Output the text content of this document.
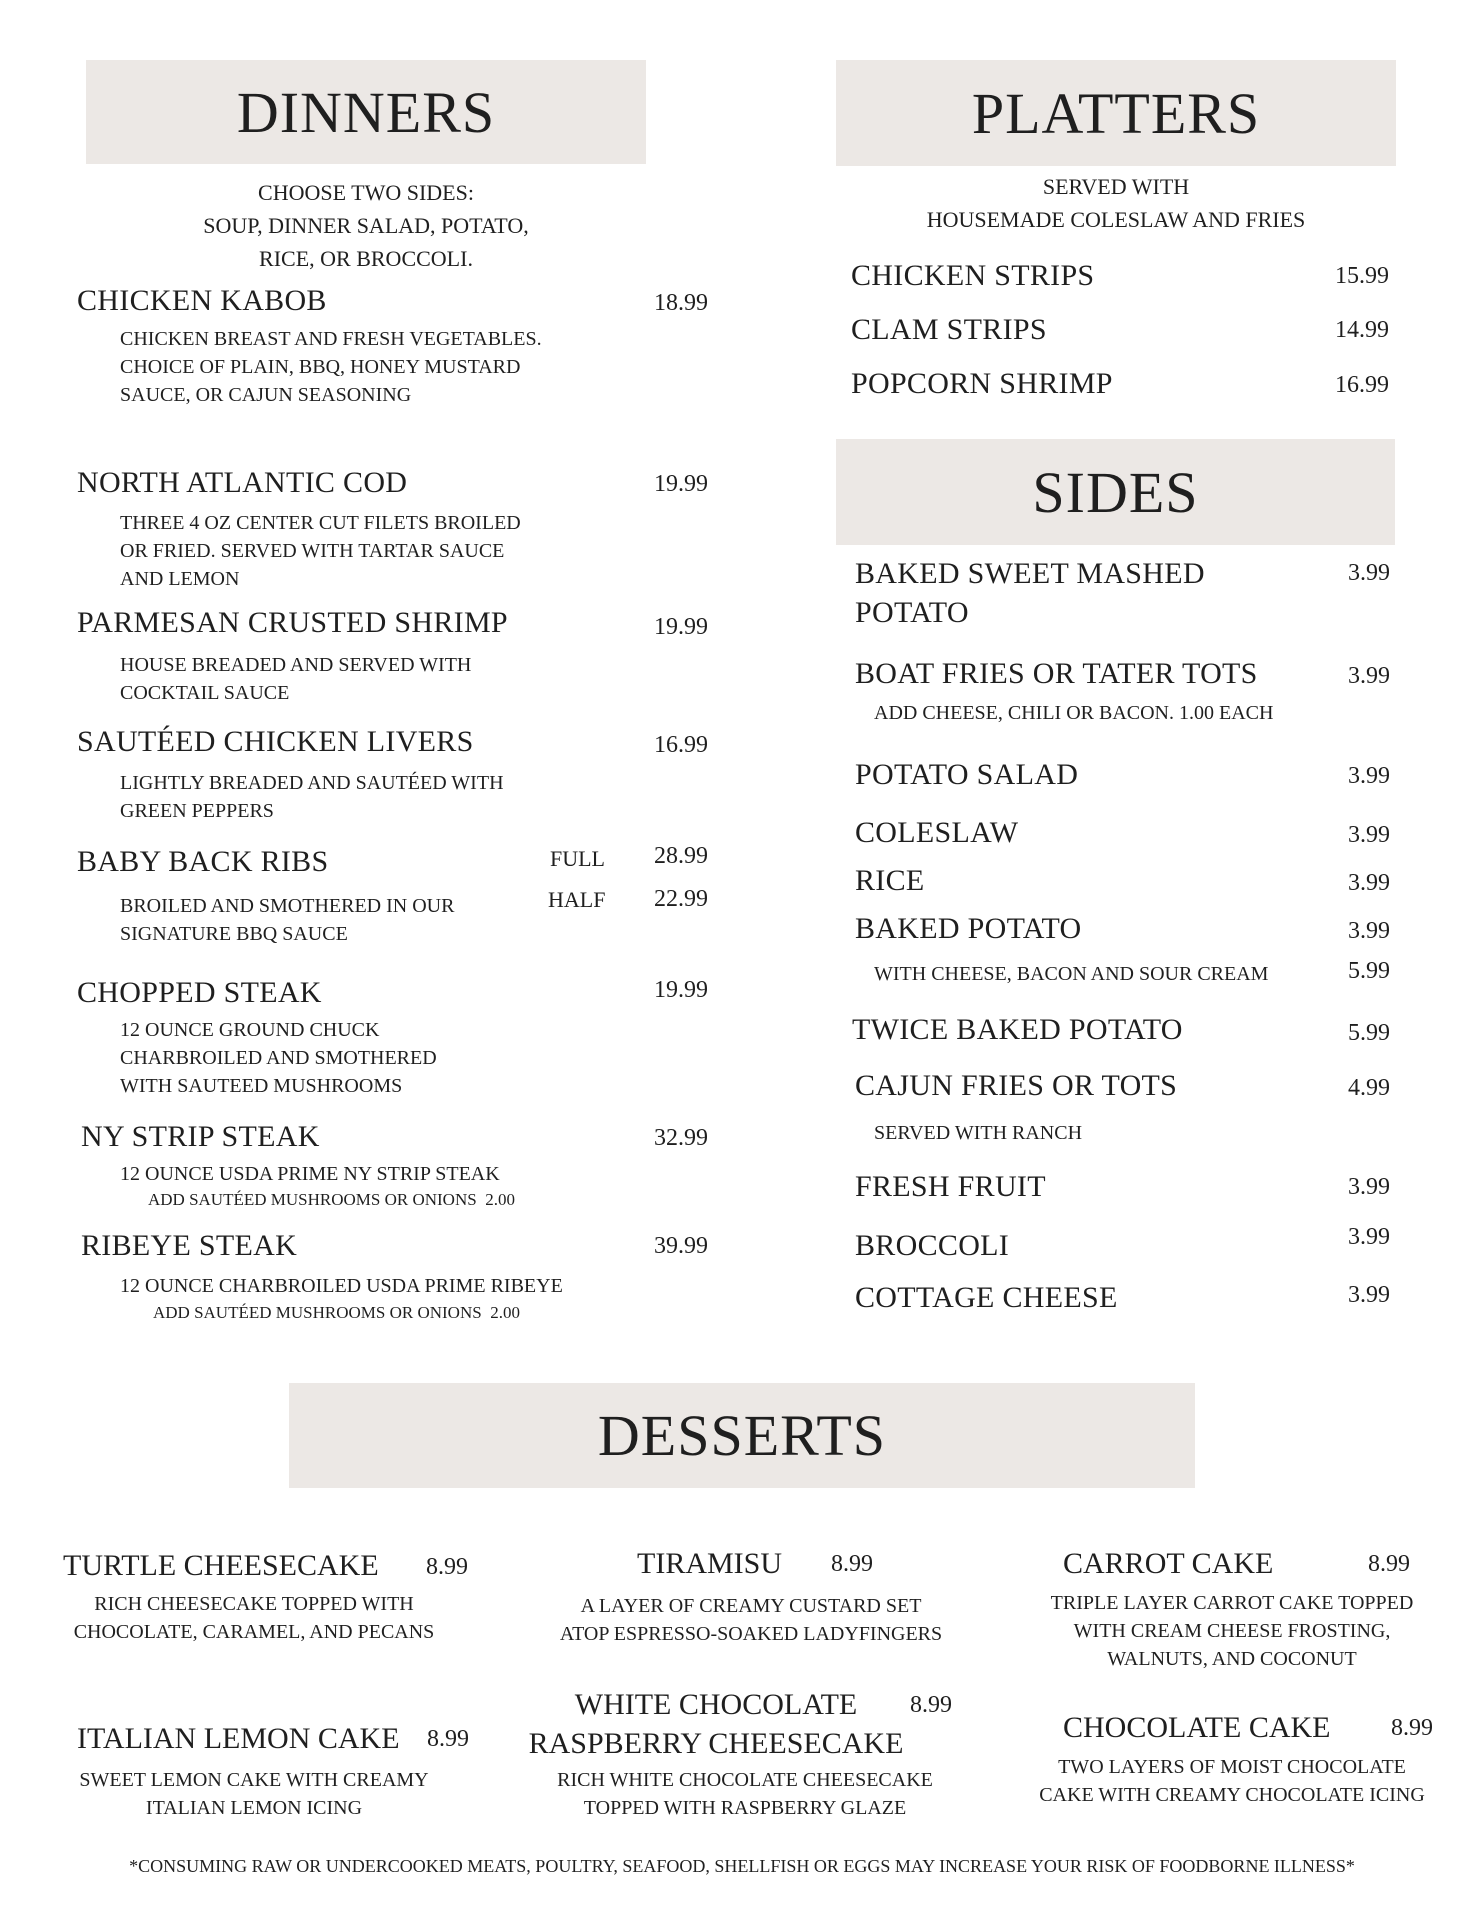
DINNERS
CHOOSE TWO SIDES:
SOUP, DINNER SALAD, POTATO,
RICE, OR BROCCOLI.
CHICKEN KABOB	18.99
CHICKEN BREAST AND FRESH VEGETABLES.
CHOICE OF PLAIN, BBQ, HONEY MUSTARD
SAUCE, OR CAJUN SEASONING
NORTH ATLANTIC COD	19.99
THREE 4 OZ CENTER CUT FILETS BROILED
OR FRIED. SERVED WITH TARTAR SAUCE
AND LEMON
PARMESAN CRUSTED SHRIMP	19.99
HOUSE BREADED AND SERVED WITH
COCKTAIL SAUCE
SAUTÉED CHICKEN LIVERS	16.99
LIGHTLY BREADED AND SAUTÉED WITH
GREEN PEPPERS
BABY BACK RIBS	FULL 28.99
HALF 22.99
BROILED AND SMOTHERED IN OUR
SIGNATURE BBQ SAUCE
CHOPPED STEAK	19.99
12 OUNCE GROUND CHUCK
CHARBROILED AND SMOTHERED
WITH SAUTEED MUSHROOMS
NY STRIP STEAK	32.99
12 OUNCE USDA PRIME NY STRIP STEAK
ADD SAUTÉED MUSHROOMS OR ONIONS  2.00
RIBEYE STEAK	39.99
12 OUNCE CHARBROILED USDA PRIME RIBEYE
ADD SAUTÉED MUSHROOMS OR ONIONS  2.00
PLATTERS
SERVED WITH
HOUSEMADE COLESLAW AND FRIES
CHICKEN STRIPS	15.99
CLAM STRIPS	14.99
POPCORN SHRIMP	16.99
SIDES
BAKED SWEET MASHED POTATO
3.99
BOAT FRIES OR TATER TOTS	3.99
ADD CHEESE, CHILI OR BACON. 1.00 EACH
POTATO SALAD	3.99
COLESLAW	3.99
RICE	3.99
BAKED POTATO	3.99
WITH CHEESE, BACON AND SOUR CREAM	5.99
TWICE BAKED POTATO	5.99
CAJUN FRIES OR TOTS	4.99
SERVED WITH RANCH
FRESH FRUIT	3.99
BROCCOLI	3.99
COTTAGE CHEESE	3.99
DESSERTS
TURTLE CHEESECAKE 8.99
RICH CHEESECAKE TOPPED WITH
CHOCOLATE, CARAMEL, AND PECANS
TIRAMISU 8.99
A LAYER OF CREAMY CUSTARD SET
ATOP ESPRESSO-SOAKED LADYFINGERS
CARROT CAKE	8.99
TRIPLE LAYER CARROT CAKE TOPPED
WITH CREAM CHEESE FROSTING,
WALNUTS, AND COCONUT
ITALIAN LEMON CAKE 8.99
SWEET LEMON CAKE WITH CREAMY
ITALIAN LEMON ICING
WHITE CHOCOLATE
RASPBERRY CHEESECAKE
8.99
RICH WHITE CHOCOLATE CHEESECAKE
TOPPED WITH RASPBERRY GLAZE
CHOCOLATE CAKE	8.99
TWO LAYERS OF MOIST CHOCOLATE
CAKE WITH CREAMY CHOCOLATE ICING
*CONSUMING RAW OR UNDERCOOKED MEATS, POULTRY, SEAFOOD, SHELLFISH OR EGGS MAY INCREASE YOUR RISK OF FOODBORNE ILLNESS*
